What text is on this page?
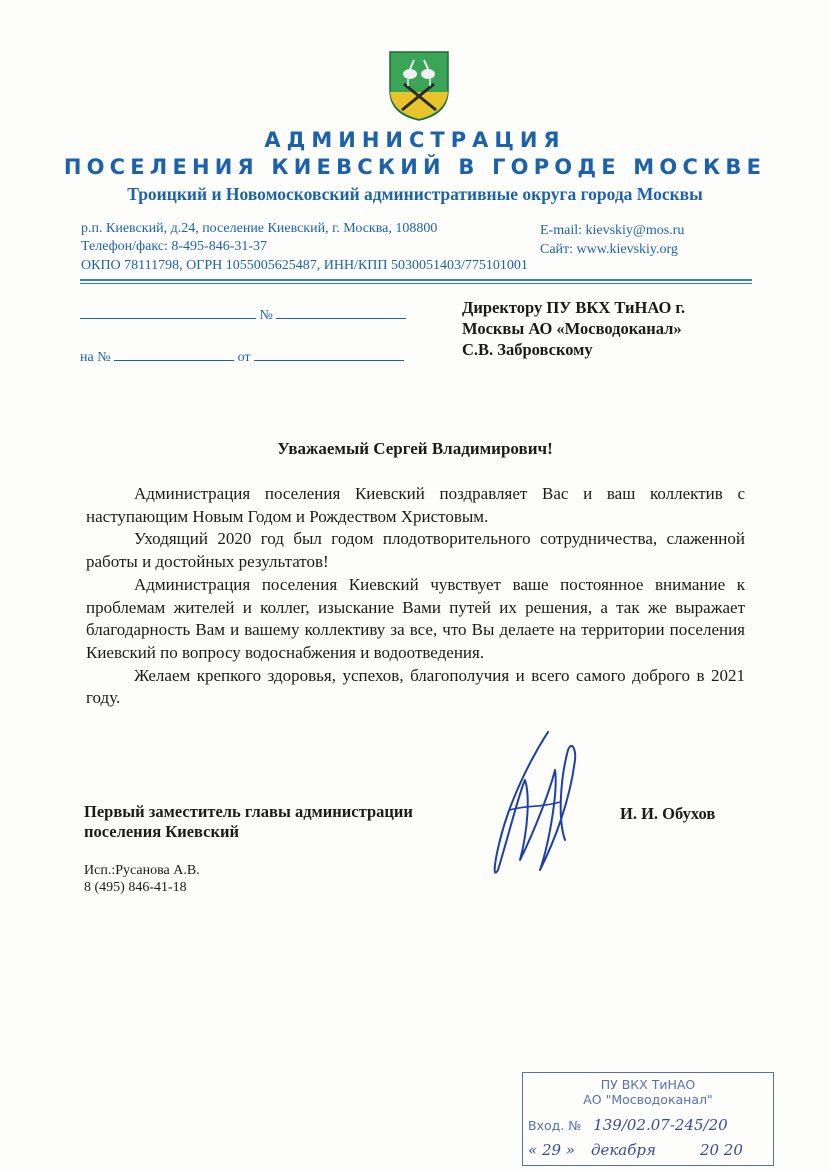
АДМИНИСТРАЦИЯ
ПОСЕЛЕНИЯ КИЕВСКИЙ В ГОРОДЕ МОСКВЕ
Троицкий и Новомосковский административные округа города Москвы
р.п. Киевский, д.24, поселение Киевский, г. Москва, 108800
Телефон/факс: 8-495-846-31-37
ОКПО 78111798, ОГРН 1055005625487, ИНН/КПП 5030051403/775101001
E-mail: kievskiy@mos.ru
Сайт: www.kievskiy.org
№
на №	от
Директору ПУ ВКХ ТиНАО г.
Москвы АО «Мосводоканал»
С.В. Забровскому
Уважаемый Сергей Владимирович!

Администрация поселения Киевский поздравляет Вас и ваш коллектив с наступающим Новым Годом и Рождеством Христовым.

Уходящий 2020 год был годом плодотворительного сотрудничества, слаженной работы и достойных результатов!

Администрация поселения Киевский чувствует ваше постоянное внимание к проблемам жителей и коллег, изыскание Вами путей их решения, а так же выражает благодарность Вам и вашему коллективу за все, что Вы делаете на территории поселения Киевский по вопросу водоснабжения и водоотведения.

Желаем крепкого здоровья, успехов, благополучия и всего самого доброго в 2021 году.

Первый заместитель главы администрации
поселения Киевский
И. И. Обухов
Исп.:Русанова А.В.
8 (495) 846-41-18
ПУ ВКХ ТиНАО
АО "Мосводоканал"
Вход. № 139/02.07-245/20
« 29 » декабря	20 20
